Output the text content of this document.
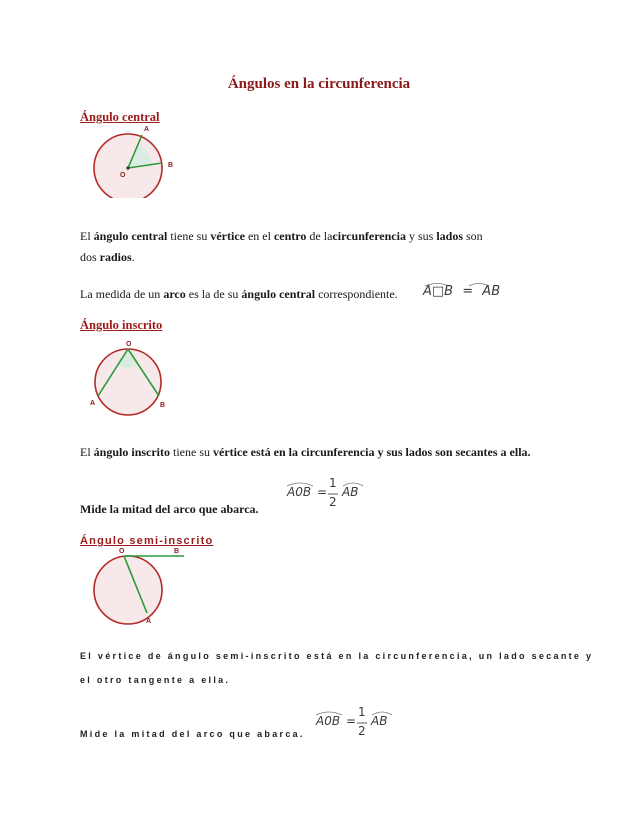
Ángulos en la circunferencia
Ángulo central
A
B
O
El ángulo central tiene su vértice en el centro de lacircunferencia y sus lados son
dos radios.
La medida de un arco es la de su ángulo central correspondiente. A□B = AB
Ángulo inscrito
O
A	B
El ángulo inscrito tiene su vértice está en la circunferencia y sus lados son secantes a ella.
A0B =
1
2
AB
Mide la mitad del arco que abarca.
Ángulo semi-inscrito
O	B
A
El vértice de ángulo semi-inscrito está en la circunferencia, un lado secante y
el otro tangente a ella.
A0B =
1
2
AB
Mide la mitad del arco que abarca.
